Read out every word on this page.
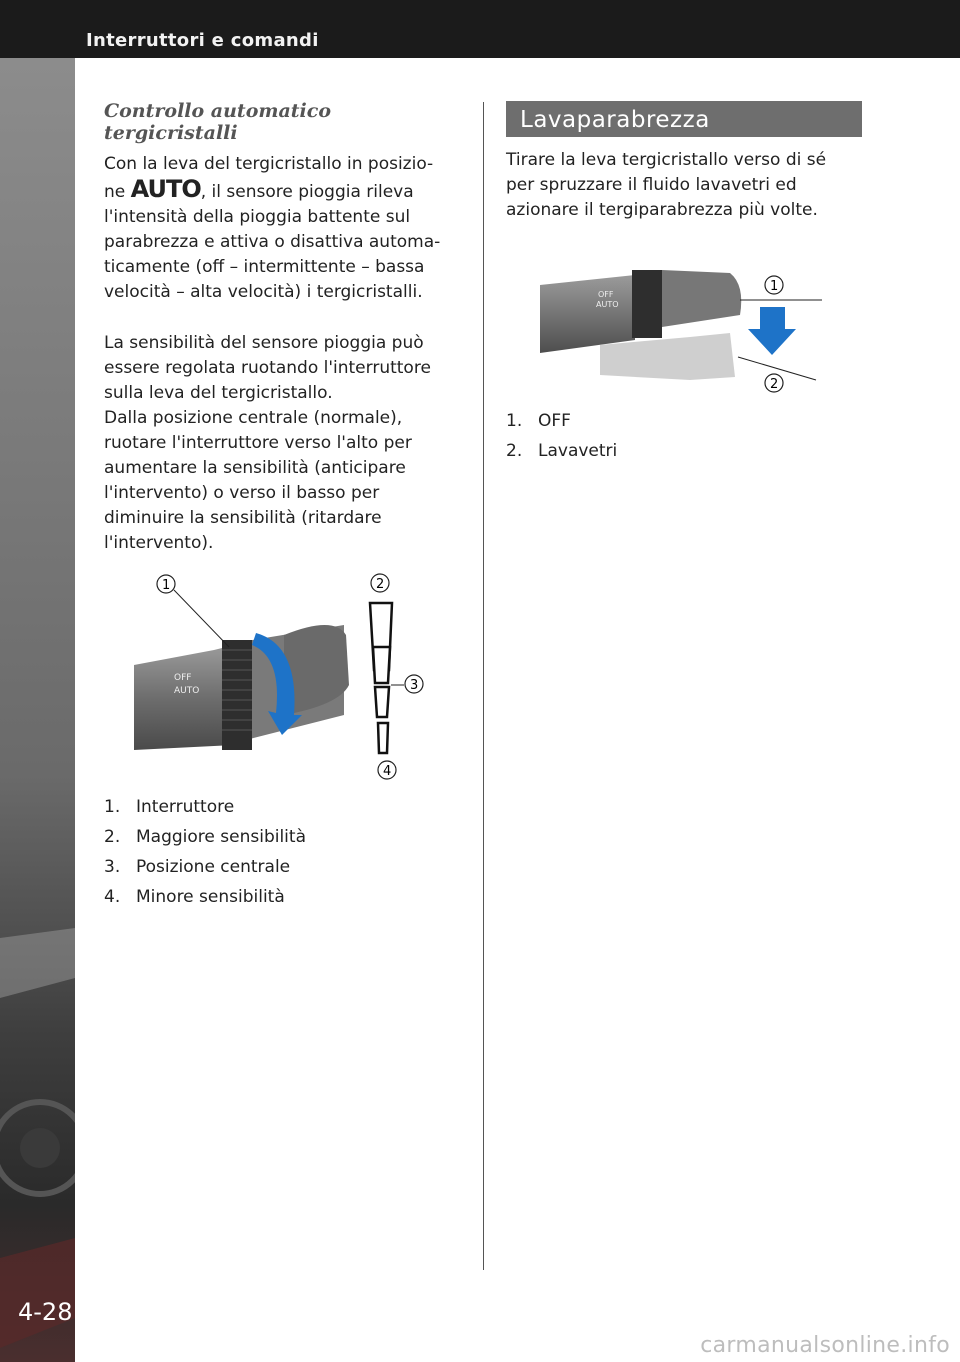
Interruttori e comandi
4-28
Controllo automatico tergicristalli
Con la leva del tergicristallo in posizio-
ne AUTO, il sensore pioggia rileva l'intensità della pioggia battente sul parabrezza e attiva o disattiva automa-ticamente (off – intermittente – bassa velocità – alta velocità) i tergicristalli.
La sensibilità del sensore pioggia può essere regolata ruotando l'interruttore sulla leva del tergicristallo.
Dalla posizione centrale (normale), ruotare l'interruttore verso l'alto per aumentare la sensibilità (anticipare l'intervento) o verso il basso per diminuire la sensibilità (ritardare l'intervento).
OFF
AUTO
1	2
3
4
1. Interruttore
2. Maggiore sensibilità
3. Posizione centrale
4. Minore sensibilità
Lavaparabrezza
Tirare la leva tergicristallo verso di sé per spruzzare il fluido lavavetri ed azionare il tergiparabrezza più volte.
OFF
AUTO
1
2
1. OFF
2. Lavavetri
carmanualsonline.info
